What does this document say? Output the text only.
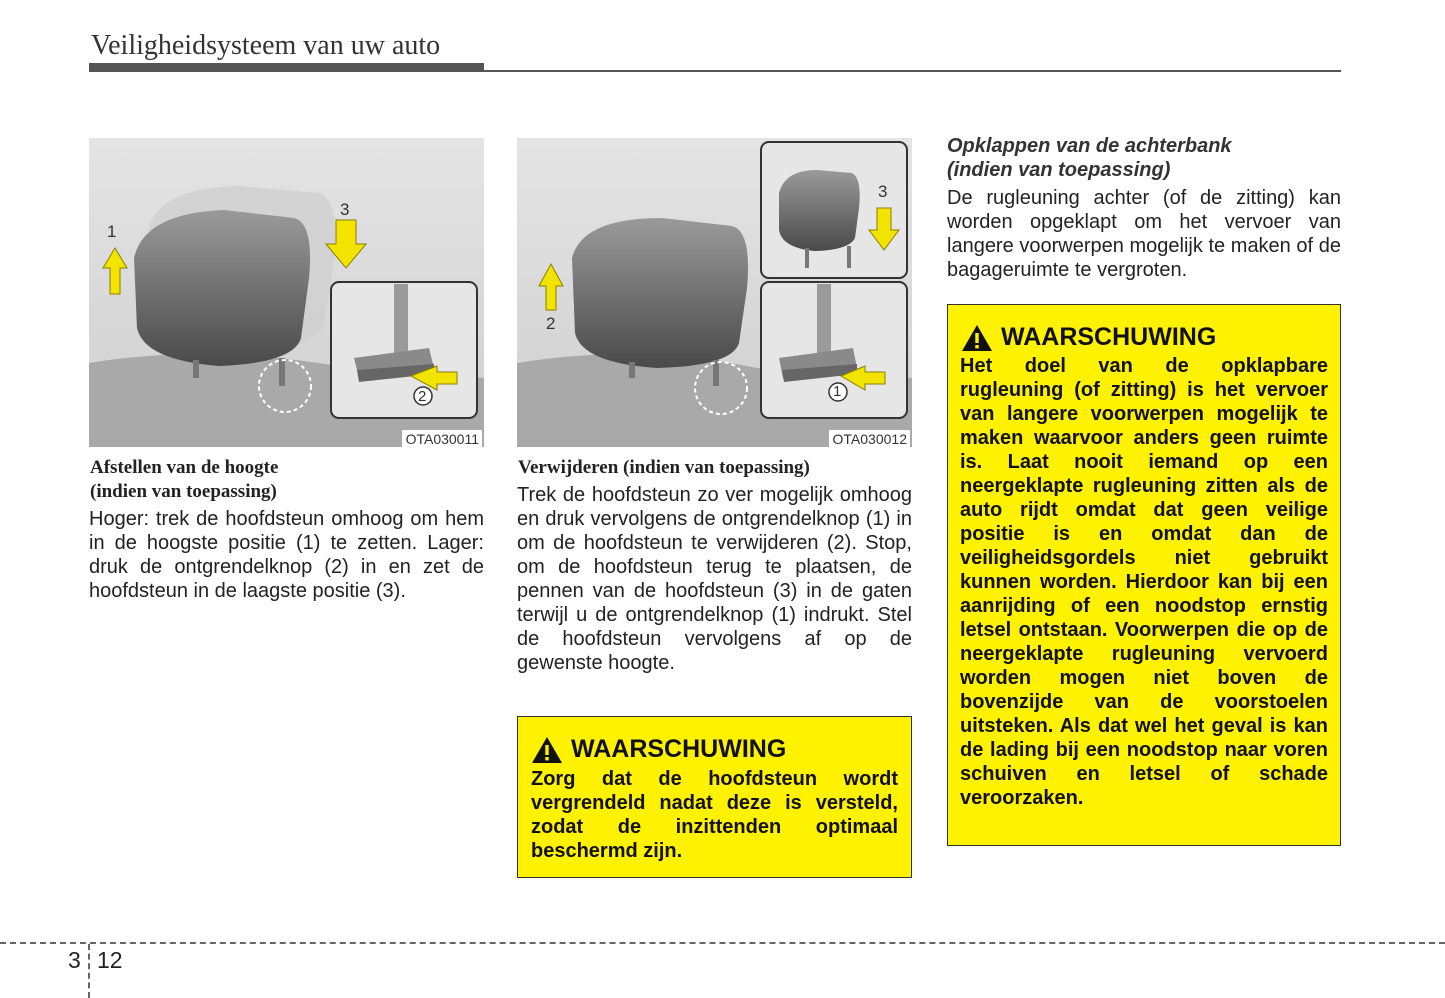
Veiligheidsysteem van uw auto
1
3
2
OTA030011
2
3
1
OTA030012
Afstellen van de hoogte
(indien van toepassing)
Hoger: trek de hoofdsteun omhoog om hem in de hoogste positie (1) te zetten. Lager: druk de ontgrendelknop (2) in en zet de hoofdsteun in de laagste positie (3).
Verwijderen (indien van toepassing)
Trek de hoofdsteun zo ver mogelijk omhoog en druk vervolgens de ontgrendelknop (1) in om de hoofdsteun te verwijderen (2). Stop, om de hoofdsteun terug te plaatsen, de pennen van de hoofdsteun (3) in de gaten terwijl u de ontgrendelknop (1) indrukt. Stel de hoofdsteun vervolgens af op de gewenste hoogte.
WAARSCHUWING
Zorg dat de hoofdsteun wordt vergrendeld nadat deze is versteld, zodat de inzittenden optimaal beschermd zijn.
Opklappen van de achterbank
(indien van toepassing)
De rugleuning achter (of de zitting) kan worden opgeklapt om het vervoer van langere voorwerpen mogelijk te maken of de bagageruimte te vergroten.
WAARSCHUWING
Het doel van de opklapbare rugleuning (of zitting) is het vervoer van langere voorwerpen mogelijk te maken waarvoor anders geen ruimte is. Laat nooit iemand op een neergeklapte rugleuning zitten als de auto rijdt omdat dat geen veilige positie is en omdat dan de veiligheidsgordels niet gebruikt kunnen worden. Hierdoor kan bij een aanrijding of een noodstop ernstig letsel ontstaan. Voorwerpen die op de neergeklapte rugleuning vervoerd worden mogen niet boven de bovenzijde van de voorstoelen uitsteken. Als dat wel het geval is kan de lading bij een noodstop naar voren schuiven en letsel of schade veroorzaken.
3 12
